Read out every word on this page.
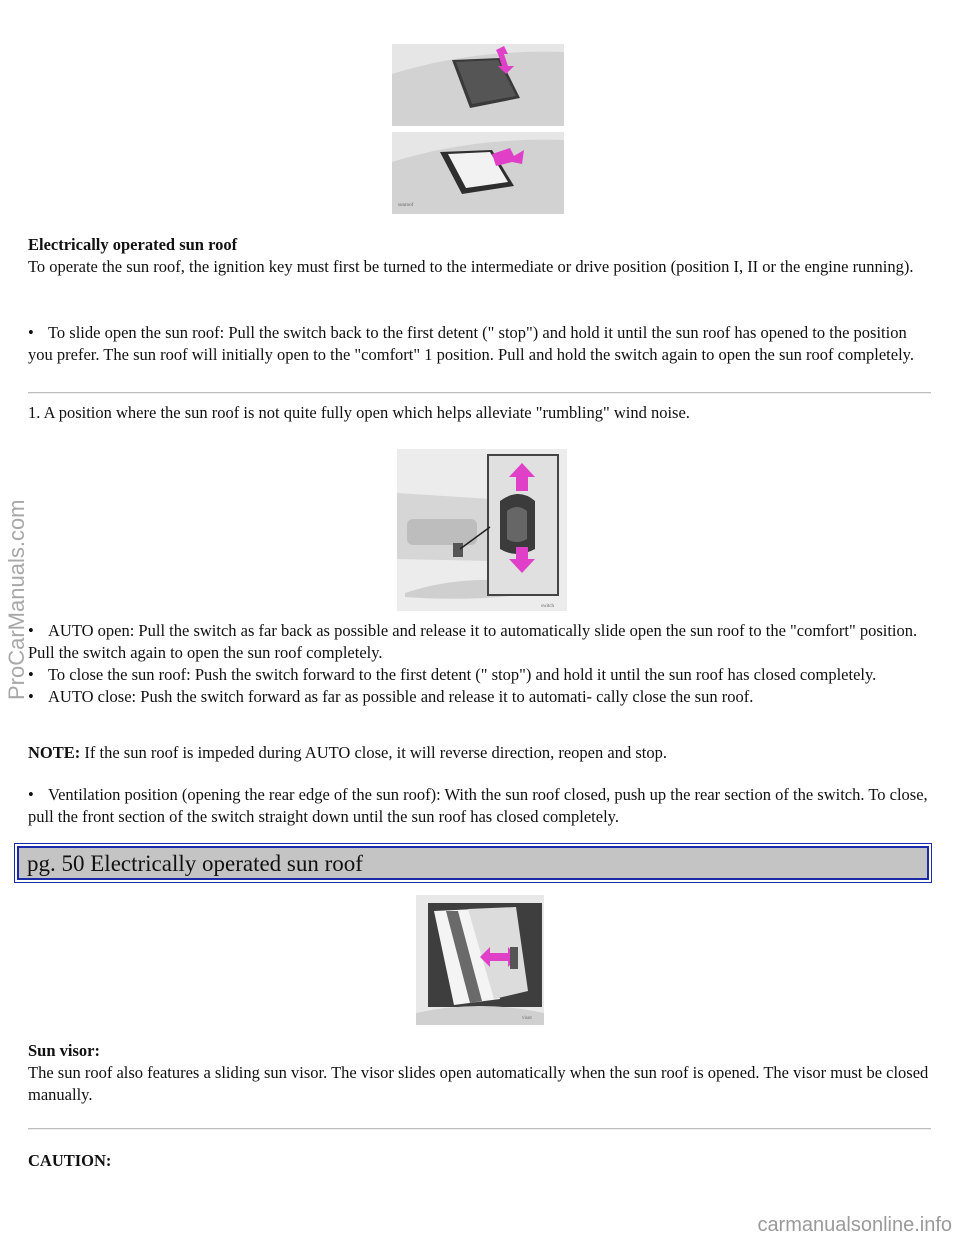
sunroof

Electrically operated sun roof

To operate the sun roof, the ignition key must first be turned to the intermediate or drive position (position I, II or the engine running).

• To slide open the sun roof: Pull the switch back to the first detent (" stop") and hold it until the sun roof has opened to the position you prefer. The sun roof will initially open to the "comfort" 1 position. Pull and hold the switch again to open the sun roof completely.

1. A position where the sun roof is not quite fully open which helps alleviate "rumbling" wind noise.

switch

• AUTO open: Pull the switch as far back as possible and release it to automatically slide open the sun roof to the "comfort" position. Pull the switch again to open the sun roof completely.

• To close the sun roof: Push the switch forward to the first detent (" stop") and hold it until the sun roof has closed completely.

• AUTO close: Push the switch forward as far as possible and release it to automati- cally close the sun roof.

NOTE: If the sun roof is impeded during AUTO close, it will reverse direction, reopen and stop.

• Ventilation position (opening the rear edge of the sun roof): With the sun roof closed, push up the rear section of the switch. To close, pull the front section of the switch straight down until the sun roof has closed completely.

pg. 50 Electrically operated sun roof
visor

Sun visor:

The sun roof also features a sliding sun visor. The visor slides open automatically when the sun roof is opened. The visor must be closed manually.

CAUTION:

ProCarManuals.com
carmanualsonline.info
